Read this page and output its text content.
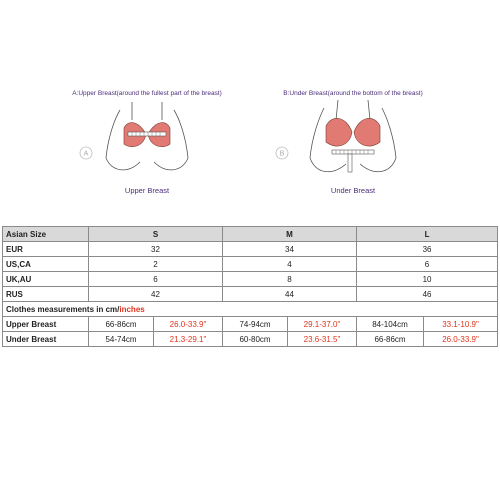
A:Upper Breast(around the fullest part of the breast)
A
Upper Breast
B:Under Breast(around the bottom of the breast)
B
Under Breast
Asian Size	S		M		L	
EUR	32		34		36	
US,CA	2		4		6	
UK,AU	6		8		10	
RUS	42		44		46	
Clothes measurements in cm/inches						
Upper Breast	66-86cm	26.0-33.9"	74-94cm	29.1-37.0"	84-104cm	33.1-10.9"
Under Breast	54-74cm	21.3-29.1"	60-80cm	23.6-31.5"	66-86cm	26.0-33.9"
